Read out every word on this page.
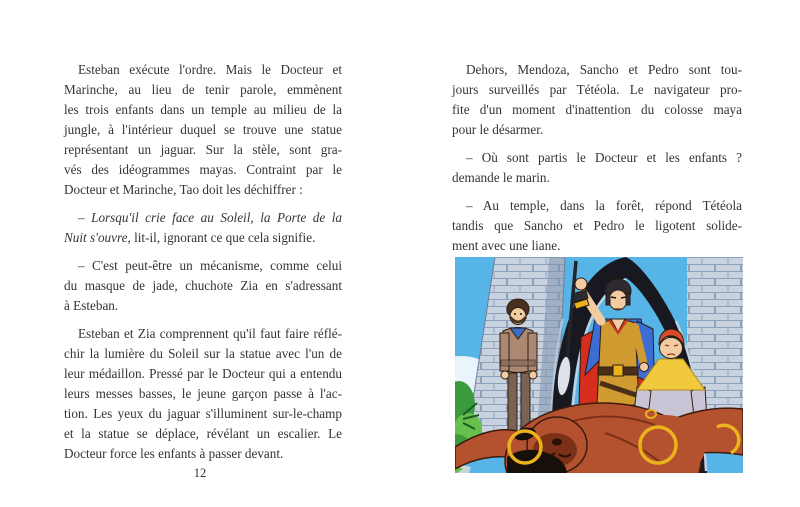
Esteban exécute l'ordre. Mais le Docteur et
Marinche, au lieu de tenir parole, emmènent
les trois enfants dans un temple au milieu de la
jungle, à l'intérieur duquel se trouve une statue
représentant un jaguar. Sur la stèle, sont gra-
vés des idéogrammes mayas. Contraint par le
Docteur et Marinche, Tao doit les déchiffrer :
– Lorsqu'il crie face au Soleil, la Porte de la
Nuit s'ouvre, lit-il, ignorant ce que cela signifie.
– C'est peut-être un mécanisme, comme celui
du masque de jade, chuchote Zia en s'adressant
à Esteban.
Esteban et Zia comprennent qu'il faut faire réflé-
chir la lumière du Soleil sur la statue avec l'un de
leur médaillon. Pressé par le Docteur qui a entendu
leurs messes basses, le jeune garçon passe à l'ac-
tion. Les yeux du jaguar s'illuminent sur-le-champ
et la statue se déplace, révélant un escalier. Le
Docteur force les enfants à passer devant.
12
Dehors, Mendoza, Sancho et Pedro sont tou-
jours surveillés par Tétéola. Le navigateur pro-
fite d'un moment d'inattention du colosse maya
pour le désarmer.
– Où sont partis le Docteur et les enfants ?
demande le marin.
– Au temple, dans la forêt, répond Tétéola
tandis que Sancho et Pedro le ligotent solide-
ment avec une liane.
